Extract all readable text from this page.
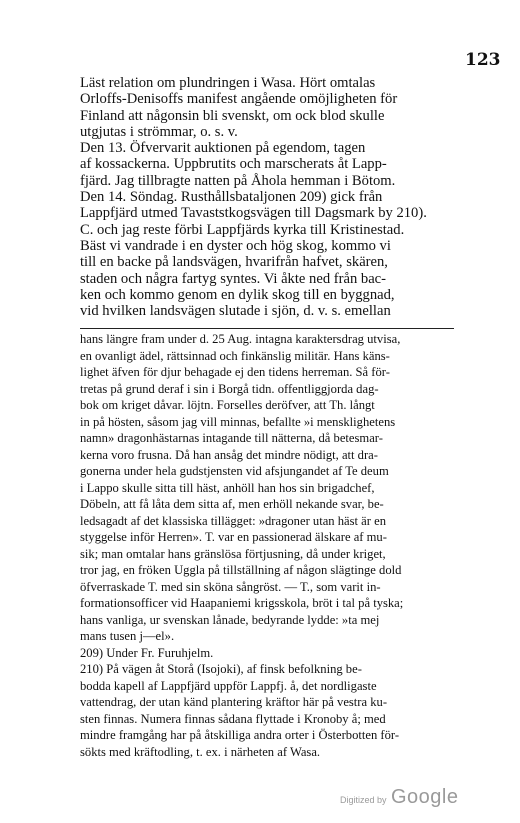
123
Läst relation om plundringen i Wasa. Hört omtalas
Orloffs-Denisoffs manifest angående omöjligheten för
Finland att någonsin bli svenskt, om ock blod skulle
utgjutas i strömmar, o. s. v.
Den 13. Öfvervarit auktionen på egendom, tagen
af kossackerna. Uppbrutits och marscherats åt Lapp-
fjärd. Jag tillbragte natten på Åhola hemman i Bötom.
Den 14. Söndag. Rusthållsbataljonen 209) gick från
Lappfjärd utmed Tavaststkogsvägen till Dagsmark by 210).
C. och jag reste förbi Lappfjärds kyrka till Kristinestad.
Bäst vi vandrade i en dyster och hög skog, kommo vi
till en backe på landsvägen, hvarifrån hafvet, skären,
staden och några fartyg syntes. Vi åkte ned från bac-
ken och kommo genom en dylik skog till en byggnad,
vid hvilken landsvägen slutade i sjön, d. v. s. emellan
hans längre fram under d. 25 Aug. intagna karaktersdrag utvisa,
en ovanligt ädel, rättsinnad och finkänslig militär. Hans käns-
lighet äfven för djur behagade ej den tidens herreman. Så för-
tretas på grund deraf i sin i Borgå tidn. offentliggjorda dag-
bok om kriget dåvar. löjtn. Forselles deröfver, att Th. långt
in på hösten, såsom jag vill minnas, befallte »i mensklighetens
namn» dragonhästarnas intagande till nätterna, då betesmar-
kerna voro frusna. Då han ansåg det mindre nödigt, att dra-
gonerna under hela gudstjensten vid afsjungandet af Te deum
i Lappo skulle sitta till häst, anhöll han hos sin brigadchef,
Döbeln, att få låta dem sitta af, men erhöll nekande svar, be-
ledsagadt af det klassiska tillägget: »dragoner utan häst är en
styggelse inför Herren». T. var en passionerad älskare af mu-
sik; man omtalar hans gränslösa förtjusning, då under kriget,
tror jag, en fröken Uggla på tillställning af någon slägtinge dold
öfverraskade T. med sin sköna sångröst. — T., som varit in-
formationsofficer vid Haapaniemi krigsskola, bröt i tal på tyska;
hans vanliga, ur svenskan lånade, bedyrande lydde: »ta mej
mans tusen j—el».
209) Under Fr. Furuhjelm.
210) På vägen åt Storå (Isojoki), af finsk befolkning be-
bodda kapell af Lappfjärd uppför Lappfj. å, det nordligaste
vattendrag, der utan känd plantering kräftor här på vestra ku-
sten finnas. Numera finnas sådana flyttade i Kronoby å; med
mindre framgång har på åtskilliga andra orter i Österbotten för-
sökts med kräftodling, t. ex. i närheten af Wasa.
Digitized by Google
